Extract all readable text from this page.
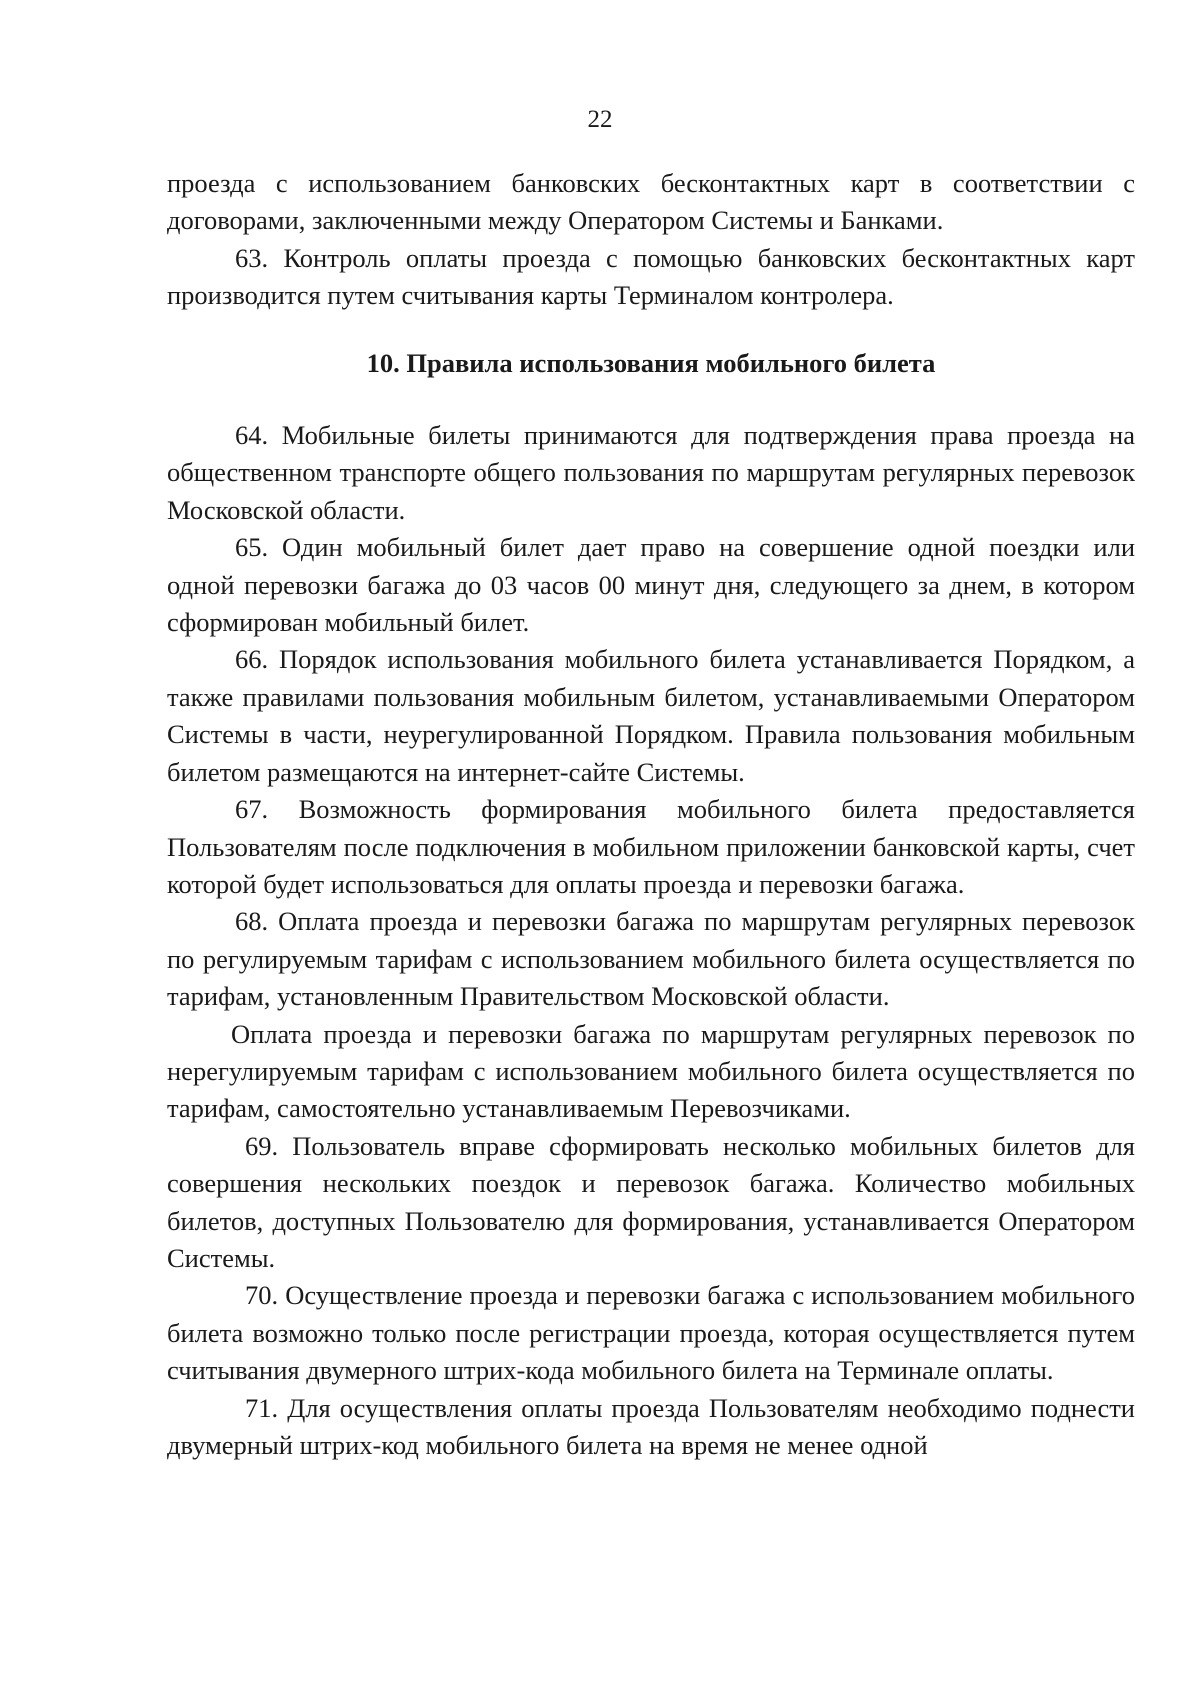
22

проезда с использованием банковских бесконтактных карт в соответствии с договорами, заключенными между Оператором Системы и Банками.

63. Контроль оплаты проезда с помощью банковских бесконтактных карт производится путем считывания карты Терминалом контролера.

10. Правила использования мобильного билета

64. Мобильные билеты принимаются для подтверждения права проезда на общественном транспорте общего пользования по маршрутам регулярных перевозок Московской области.

65. Один мобильный билет дает право на совершение одной поездки или одной перевозки багажа до 03 часов 00 минут дня, следующего за днем, в котором сформирован мобильный билет.

66. Порядок использования мобильного билета устанавливается Порядком, а также правилами пользования мобильным билетом, устанавливаемыми Оператором Системы в части, неурегулированной Порядком. Правила пользования мобильным билетом размещаются на интернет-сайте Системы.

67. Возможность формирования мобильного билета предоставляется Пользователям после подключения в мобильном приложении банковской карты, счет которой будет использоваться для оплаты проезда и перевозки багажа.

68. Оплата проезда и перевозки багажа по маршрутам регулярных перевозок по регулируемым тарифам с использованием мобильного билета осуществляется по тарифам, установленным Правительством Московской области.

Оплата проезда и перевозки багажа по маршрутам регулярных перевозок по нерегулируемым тарифам с использованием мобильного билета осуществляется по тарифам, самостоятельно устанавливаемым Перевозчиками.

69. Пользователь вправе сформировать несколько мобильных билетов для совершения нескольких поездок и перевозок багажа. Количество мобильных билетов, доступных Пользователю для формирования, устанавливается Оператором Системы.

70. Осуществление проезда и перевозки багажа с использованием мобильного билета возможно только после регистрации проезда, которая осуществляется путем считывания двумерного штрих-кода мобильного билета на Терминале оплаты.

71. Для осуществления оплаты проезда Пользователям необходимо поднести двумерный штрих-код мобильного билета на время не менее одной
